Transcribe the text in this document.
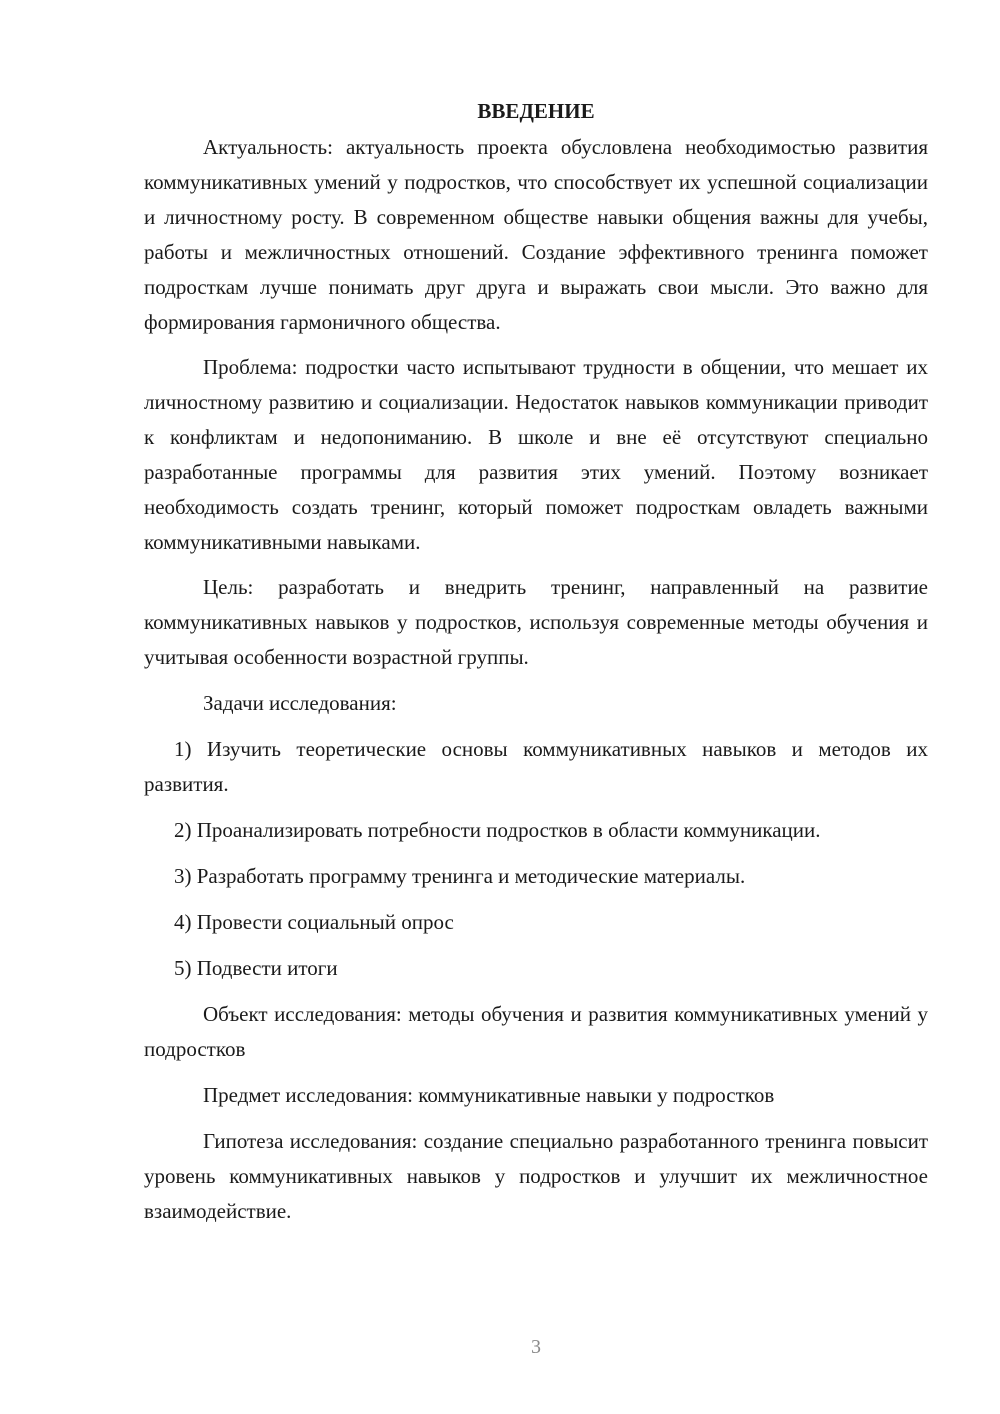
ВВЕДЕНИЕ

Актуальность: актуальность проекта обусловлена необходимостью развития коммуникативных умений у подростков, что способствует их успешной социализации и личностному росту. В современном обществе навыки общения важны для учебы, работы и межличностных отношений. Создание эффективного тренинга поможет подросткам лучше понимать друг друга и выражать свои мысли. Это важно для формирования гармоничного общества.

Проблема: подростки часто испытывают трудности в общении, что мешает их личностному развитию и социализации. Недостаток навыков коммуникации приводит к конфликтам и недопониманию. В школе и вне её отсутствуют специально разработанные программы для развития этих умений. Поэтому возникает необходимость создать тренинг, который поможет подросткам овладеть важными коммуникативными навыками.

Цель: разработать и внедрить тренинг, направленный на развитие коммуникативных навыков у подростков, используя современные методы обучения и учитывая особенности возрастной группы.

Задачи исследования:

1) Изучить теоретические основы коммуникативных навыков и методов их развития.

2) Проанализировать потребности подростков в области коммуникации.

3) Разработать программу тренинга и методические материалы.

4) Провести социальный опрос

5) Подвести итоги

Объект исследования: методы обучения и развития коммуникативных умений у подростков

Предмет исследования: коммуникативные навыки у подростков

Гипотеза исследования: создание специально разработанного тренинга повысит уровень коммуникативных навыков у подростков и улучшит их межличностное взаимодействие.

3
